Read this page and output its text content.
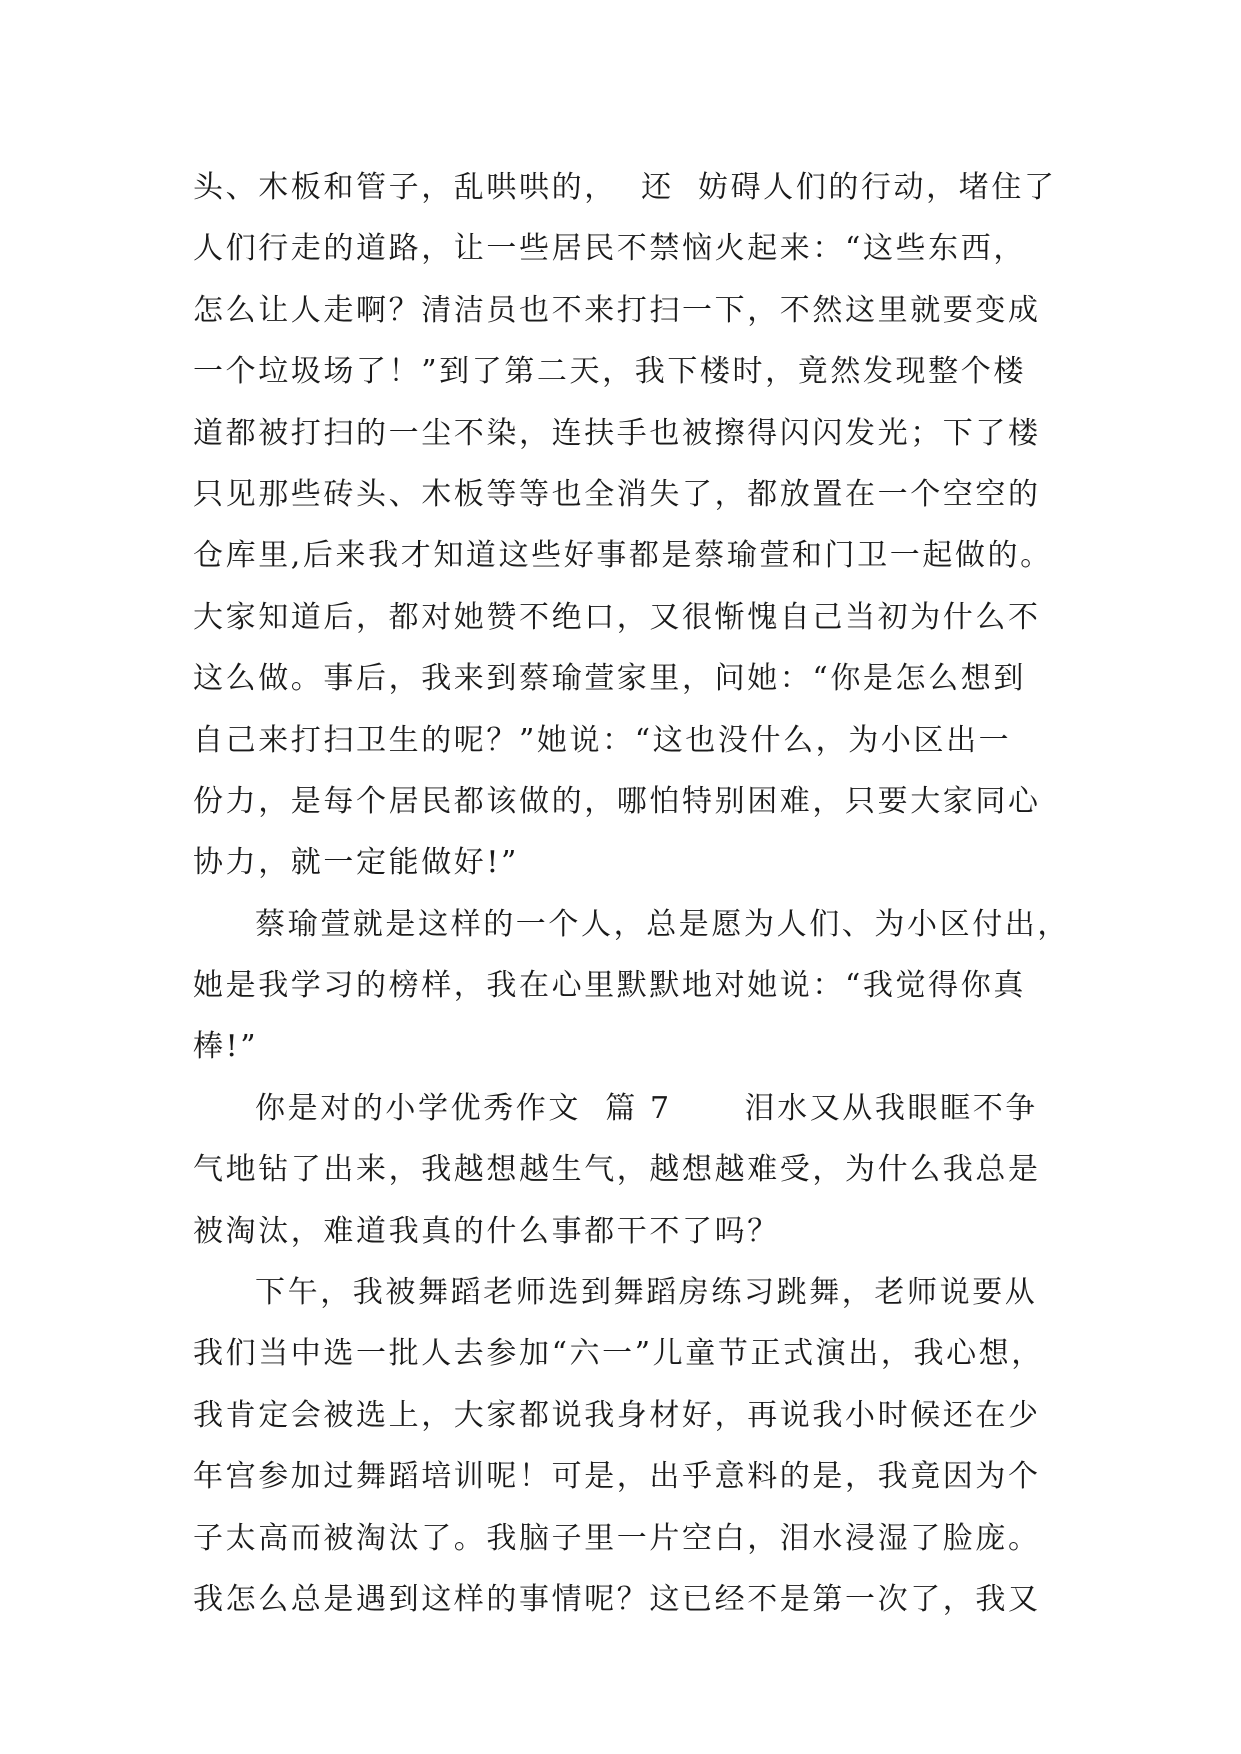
头、木板和管子，乱哄哄的，  还  妨碍人们的行动，堵住了
人们行走的道路，让一些居民不禁恼火起来：“这些东西，
怎么让人走啊？清洁员也不来打扫一下，不然这里就要变成
一个垃圾场了！”到了第二天，我下楼时，竟然发现整个楼
道都被打扫的一尘不染，连扶手也被擦得闪闪发光；下了楼
只见那些砖头、木板等等也全消失了，都放置在一个空空的
仓库里,后来我才知道这些好事都是蔡瑜萱和门卫一起做的。
大家知道后，都对她赞不绝口，又很惭愧自己当初为什么不
这么做。事后，我来到蔡瑜萱家里，问她：“你是怎么想到
自己来打扫卫生的呢？”她说：“这也没什么，为小区出一
份力，是每个居民都该做的，哪怕特别困难，只要大家同心
协力，就一定能做好!”
蔡瑜萱就是这样的一个人，总是愿为人们、为小区付出，
她是我学习的榜样，我在心里默默地对她说：“我觉得你真
棒!”
你是对的小学优秀作文  篇 7      泪水又从我眼眶不争
气地钻了出来，我越想越生气，越想越难受，为什么我总是
被淘汰，难道我真的什么事都干不了吗？
下午，我被舞蹈老师选到舞蹈房练习跳舞，老师说要从
我们当中选一批人去参加“六一”儿童节正式演出，我心想，
我肯定会被选上，大家都说我身材好，再说我小时候还在少
年宫参加过舞蹈培训呢！可是，出乎意料的是，我竟因为个
子太高而被淘汰了。我脑子里一片空白，泪水浸湿了脸庞。
我怎么总是遇到这样的事情呢？这已经不是第一次了，我又
